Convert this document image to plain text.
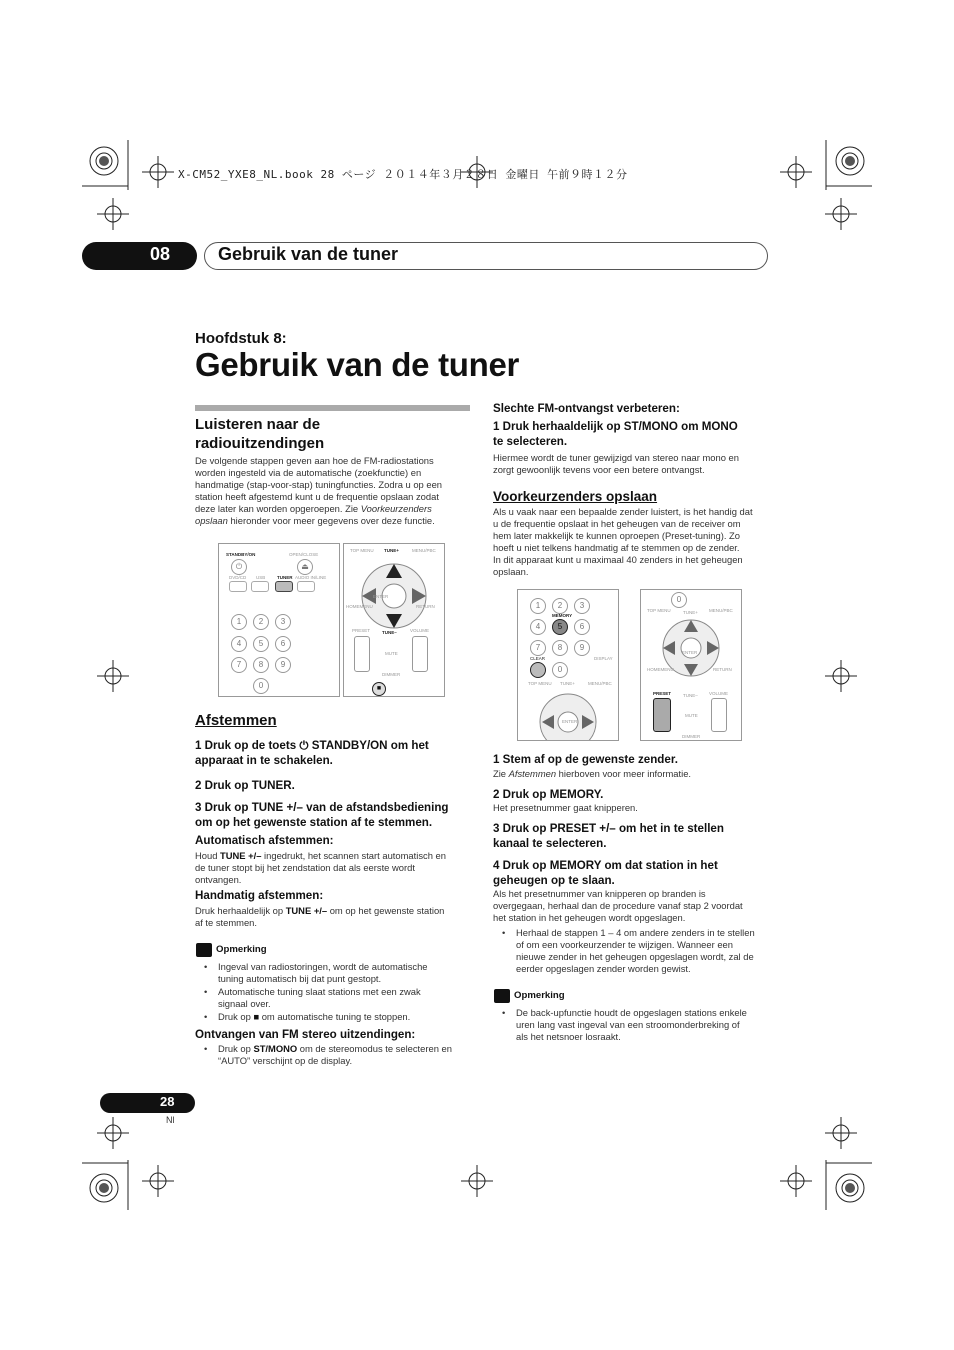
X-CM52_YXE8_NL.book 28 ページ ２０１４年３月２８日 金曜日 午前９時１２分
08	Gebruik van de tuner
Hoofdstuk 8:
Gebruik van de tuner
Luisteren naar de
radiouitzendingen
De volgende stappen geven aan hoe de FM-radiostations
worden ingesteld via de automatische (zoekfunctie) en
handmatige (stap-voor-stap) tuningfuncties. Zodra u op een
station heeft afgestemd kunt u de frequentie opslaan zodat
deze later kan worden opgeroepen. Zie Voorkeurzenders
opslaan hieronder voor meer gegevens over deze functie.
STANDBY/ON	OPEN/CLOSE
⏻	⏏
DVD/CD USB	TUNER AUDIO IN/LINE
1	2	3
4	5	6
7	8	9
0
TOP MENU TUNE+	MENU/PBC
ENTER
HOMEMENU	RETURN
PRESET	TUNE–	VOLUME
MUTE
DIMMER
■
Afstemmen
1 Druk op de toets ⏻ STANDBY/ON om het
apparaat in te schakelen.
2 Druk op TUNER.
3 Druk op TUNE +/– van de afstandsbediening
om op het gewenste station af te stemmen.
Automatisch afstemmen:
Houd TUNE +/– ingedrukt, het scannen start automatisch en
de tuner stopt bij het zendstation dat als eerste wordt
ontvangen.
Handmatig afstemmen:
Druk herhaaldelijk op TUNE +/– om op het gewenste station
af te stemmen.
Opmerking
• Ingeval van radiostoringen, wordt de automatische
tuning automatisch bij dat punt gestopt.
• Automatische tuning slaat stations met een zwak
signaal over.
• Druk op ■ om automatische tuning te stoppen.
Ontvangen van FM stereo uitzendingen:
• Druk op ST/MONO om de stereomodus te selecteren en
“AUTO” verschijnt op de display.
Slechte FM-ontvangst verbeteren:
1 Druk herhaaldelijk op ST/MONO om MONO
te selecteren.
Hiermee wordt de tuner gewijzigd van stereo naar mono en
zorgt gewoonlijk tevens voor een betere ontvangst.
Voorkeurzenders opslaan
Als u vaak naar een bepaalde zender luistert, is het handig dat
u de frequentie opslaat in het geheugen van de receiver om
hem later makkelijk te kunnen oproepen (Preset-tuning). Zo
hoeft u niet telkens handmatig af te stemmen op de zender.
In dit apparaat kunt u maximaal 40 zenders in het geheugen
opslaan.
1	2	3
4	5	6
MEMORY
7	8	9
CLEAR
0
DISPLAY
TOP MENU TUNE+	MENU/PBC
ENTER
0
TOP MENU	TUNE+ MENU/PBC
ENTER
HOMEMENU	RETURN
PRESET	TUNE– VOLUME
MUTE
DIMMER
1 Stem af op de gewenste zender.
Zie Afstemmen hierboven voor meer informatie.
2 Druk op MEMORY.
Het presetnummer gaat knipperen.
3 Druk op PRESET +/– om het in te stellen
kanaal te selecteren.
4 Druk op MEMORY om dat station in het
geheugen op te slaan.
Als het presetnummer van knipperen op branden is
overgegaan, herhaal dan de procedure vanaf stap 2 voordat
het station in het geheugen wordt opgeslagen.
• Herhaal de stappen 1 – 4 om andere zenders in te stellen
of om een voorkeurzender te wijzigen. Wanneer een
nieuwe zender in het geheugen opgeslagen wordt, zal de
eerder opgeslagen zender worden gewist.
Opmerking
• De back-upfunctie houdt de opgeslagen stations enkele
uren lang vast ingeval van een stroomonderbreking of
als het netsnoer losraakt.
28
Nl
